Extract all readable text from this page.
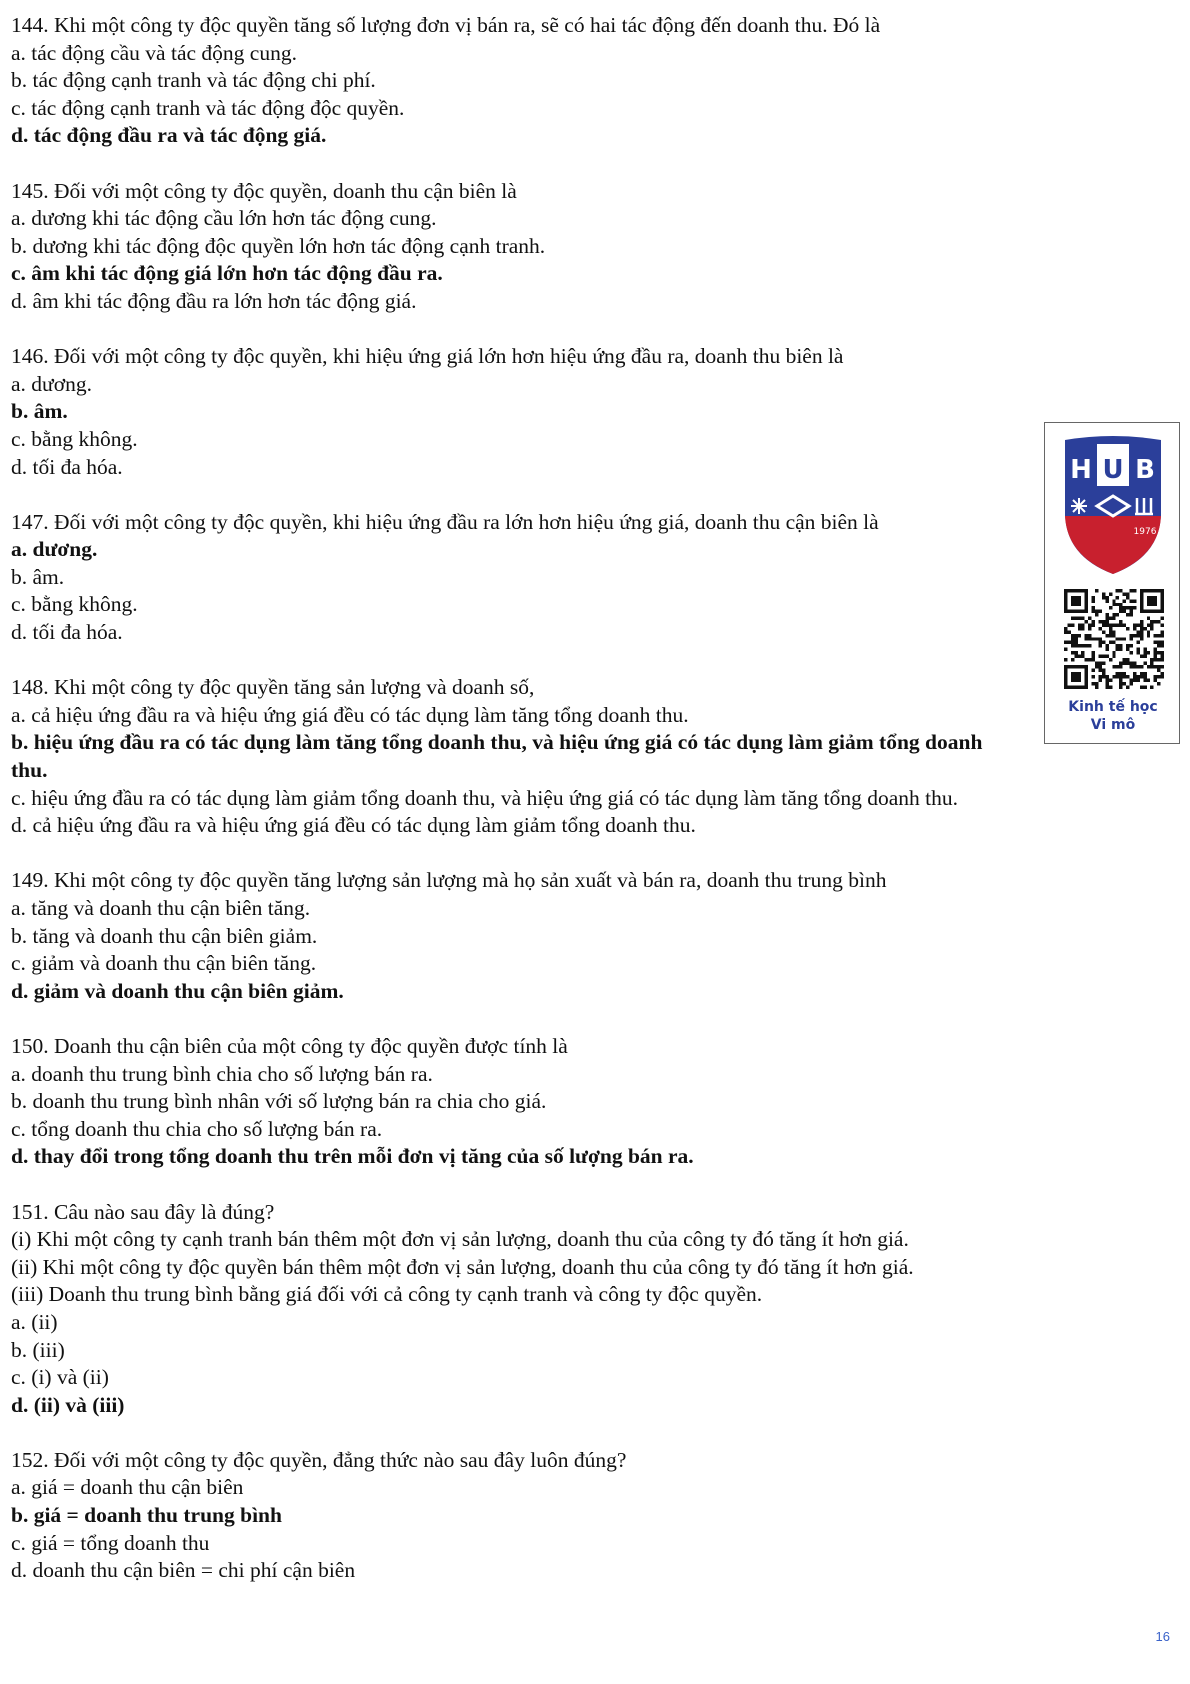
144. Khi một công ty độc quyền tăng số lượng đơn vị bán ra, sẽ có hai tác động đến doanh thu. Đó là
a. tác động cầu và tác động cung.
b. tác động cạnh tranh và tác động chi phí.
c. tác động cạnh tranh và tác động độc quyền.
d. tác động đầu ra và tác động giá.
145. Đối với một công ty độc quyền, doanh thu cận biên là
a. dương khi tác động cầu lớn hơn tác động cung.
b. dương khi tác động độc quyền lớn hơn tác động cạnh tranh.
c. âm khi tác động giá lớn hơn tác động đầu ra.
d. âm khi tác động đầu ra lớn hơn tác động giá.
146. Đối với một công ty độc quyền, khi hiệu ứng giá lớn hơn hiệu ứng đầu ra, doanh thu biên là
a. dương.
b. âm.
c. bằng không.
d. tối đa hóa.
147. Đối với một công ty độc quyền, khi hiệu ứng đầu ra lớn hơn hiệu ứng giá, doanh thu cận biên là
a. dương.
b. âm.
c. bằng không.
d. tối đa hóa.
148. Khi một công ty độc quyền tăng sản lượng và doanh số,
a. cả hiệu ứng đầu ra và hiệu ứng giá đều có tác dụng làm tăng tổng doanh thu.
b. hiệu ứng đầu ra có tác dụng làm tăng tổng doanh thu, và hiệu ứng giá có tác dụng làm giảm tổng doanh thu.
c. hiệu ứng đầu ra có tác dụng làm giảm tổng doanh thu, và hiệu ứng giá có tác dụng làm tăng tổng doanh thu.
d. cả hiệu ứng đầu ra và hiệu ứng giá đều có tác dụng làm giảm tổng doanh thu.
149. Khi một công ty độc quyền tăng lượng sản lượng mà họ sản xuất và bán ra, doanh thu trung bình
a. tăng và doanh thu cận biên tăng.
b. tăng và doanh thu cận biên giảm.
c. giảm và doanh thu cận biên tăng.
d. giảm và doanh thu cận biên giảm.
150. Doanh thu cận biên của một công ty độc quyền được tính là
a. doanh thu trung bình chia cho số lượng bán ra.
b. doanh thu trung bình nhân với số lượng bán ra chia cho giá.
c. tổng doanh thu chia cho số lượng bán ra.
d. thay đổi trong tổng doanh thu trên mỗi đơn vị tăng của số lượng bán ra.
151. Câu nào sau đây là đúng?
(i) Khi một công ty cạnh tranh bán thêm một đơn vị sản lượng, doanh thu của công ty đó tăng ít hơn giá.
(ii) Khi một công ty độc quyền bán thêm một đơn vị sản lượng, doanh thu của công ty đó tăng ít hơn giá.
(iii) Doanh thu trung bình bằng giá đối với cả công ty cạnh tranh và công ty độc quyền.
a. (ii)
b. (iii)
c. (i) và (ii)
d. (ii) và (iii)
152. Đối với một công ty độc quyền, đẳng thức nào sau đây luôn đúng?
a. giá = doanh thu cận biên
b. giá = doanh thu trung bình
c. giá = tổng doanh thu
d. doanh thu cận biên = chi phí cận biên
H U B
1976
Kinh tế học
Vi mô
16
